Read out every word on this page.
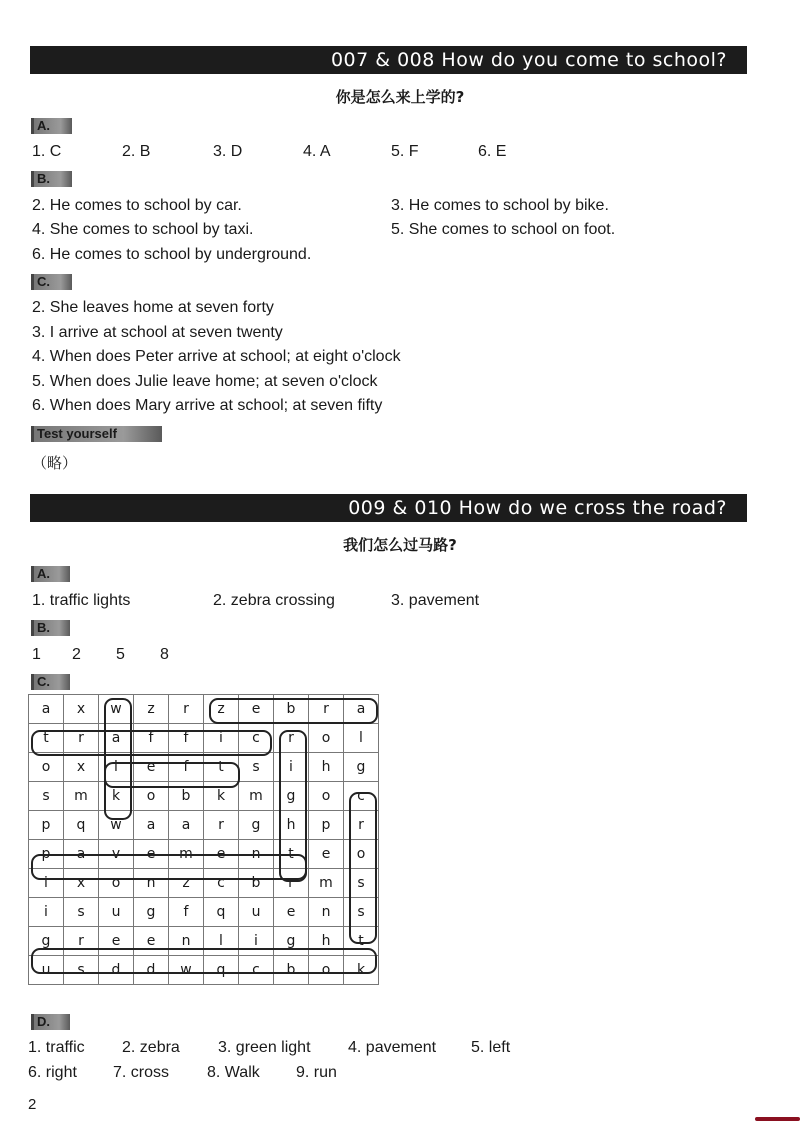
007 & 008 How do you come to school?
你是怎么来上学的?
A.
1. C	2. B	3. D	4. A	5. F	6. E
B.
2. He comes to school by car.	3. He comes to school by bike.
4. She comes to school by taxi.	5. She comes to school on foot.
6. He comes to school by underground.
C.
2. She leaves home at seven forty
3. I arrive at school at seven twenty
4. When does Peter arrive at school; at eight o'clock
5. When does Julie leave home; at seven o'clock
6. When does Mary arrive at school; at seven fifty
Test yourself
（略）
009 & 010 How do we cross the road?
我们怎么过马路?
A.
1. traffic lights	2. zebra crossing	3. pavement
B.
1 2 5 8
C.
a	x	w	z	r	z	e	b	r	a
t	r	a	f	f	i	c	r	o	l
o	x	l	e	f	t	s	i	h	g
s	m	k	o	b	k	m	g	o	c
p	q	w	a	a	r	g	h	p	r
p	a	v	e	m	e	n	t	e	o
i	x	o	n	z	c	b	r	m	s
i	s	u	g	f	q	u	e	n	s
g	r	e	e	n	l	i	g	h	t
u	s	d	d	w	q	c	b	o	k
D.
1. traffic 2. zebra 3. green light 4. pavement 5. left
6. right 7. cross 8. Walk 9. run
2
